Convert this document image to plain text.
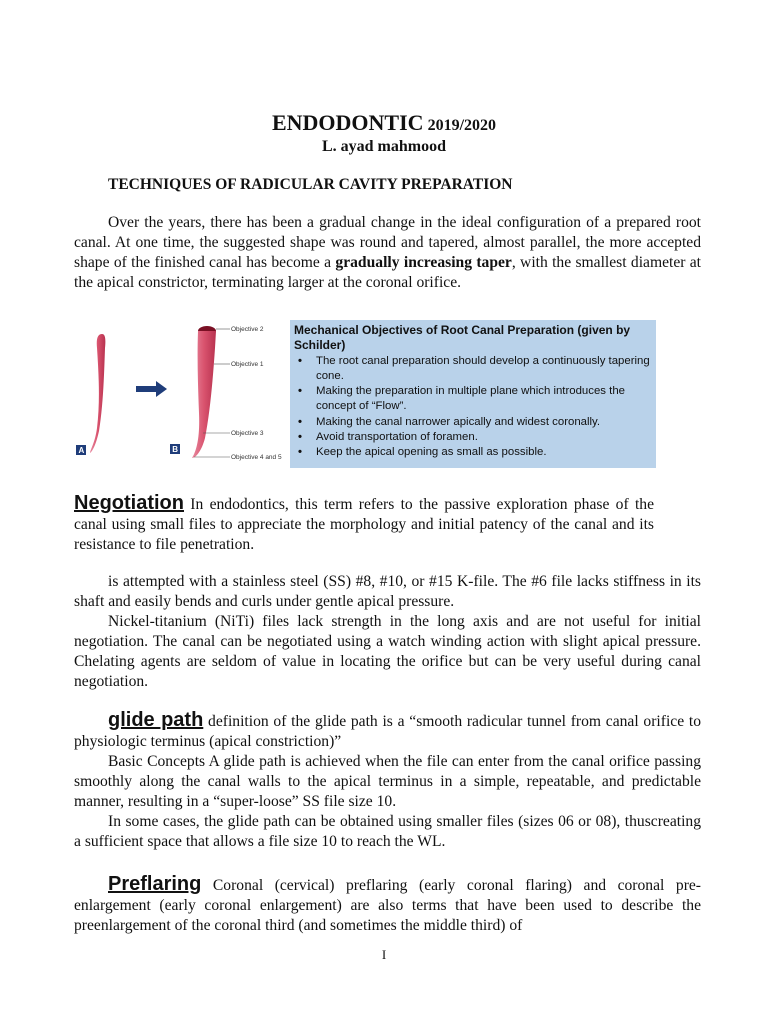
ENDODONTIC 2019/2020
L. ayad mahmood
TECHNIQUES OF RADICULAR CAVITY PREPARATION

Over the years, there has been a gradual change in the ideal configuration of a prepared root canal. At one time, the suggested shape was round and tapered, almost parallel, the more accepted shape of the finished canal has become a gradually increasing taper, with the smallest diameter at the apical constrictor, terminating larger at the coronal orifice.

A	B
Objective 2
Objective 1
Objective 3
Objective 4 and 5
Mechanical Objectives of Root Canal Preparation (given by Schilder)
• The root canal preparation should develop a continuously tapering cone.
• Making the preparation in multiple plane which introduces the concept of “Flow”.
• Making the canal narrower apically and widest coronally.
• Avoid transportation of foramen.
• Keep the apical opening as small as possible.

Negotiation In endodontics, this term refers to the passive exploration phase of the canal using small files to appreciate the morphology and initial patency of the canal and its resistance to file penetration.

is attempted with a stainless steel (SS) #8, #10, or #15 K-file. The #6 file lacks stiffness in its shaft and easily bends and curls under gentle apical pressure.
Nickel-titanium (NiTi) files lack strength in the long axis and are not useful for initial negotiation. The canal can be negotiated using a watch winding action with slight apical pressure. Chelating agents are seldom of value in locating the orifice but can be very useful during canal negotiation.
glide path definition of the glide path is a “smooth radicular tunnel from canal orifice to physiologic terminus (apical constriction)”
Basic Concepts A glide path is achieved when the file can enter from the canal orifice passing smoothly along the canal walls to the apical terminus in a simple, repeatable, and predictable manner, resulting in a “super-loose” SS file size 10.
In some cases, the glide path can be obtained using smaller files (sizes 06 or 08), thuscreating a sufficient space that allows a file size 10 to reach the WL.

Preflaring Coronal (cervical) preflaring (early coronal flaring) and coronal pre-enlargement (early coronal enlargement) are also terms that have been used to describe the preenlargement of the coronal third (and sometimes the middle third) of

I
